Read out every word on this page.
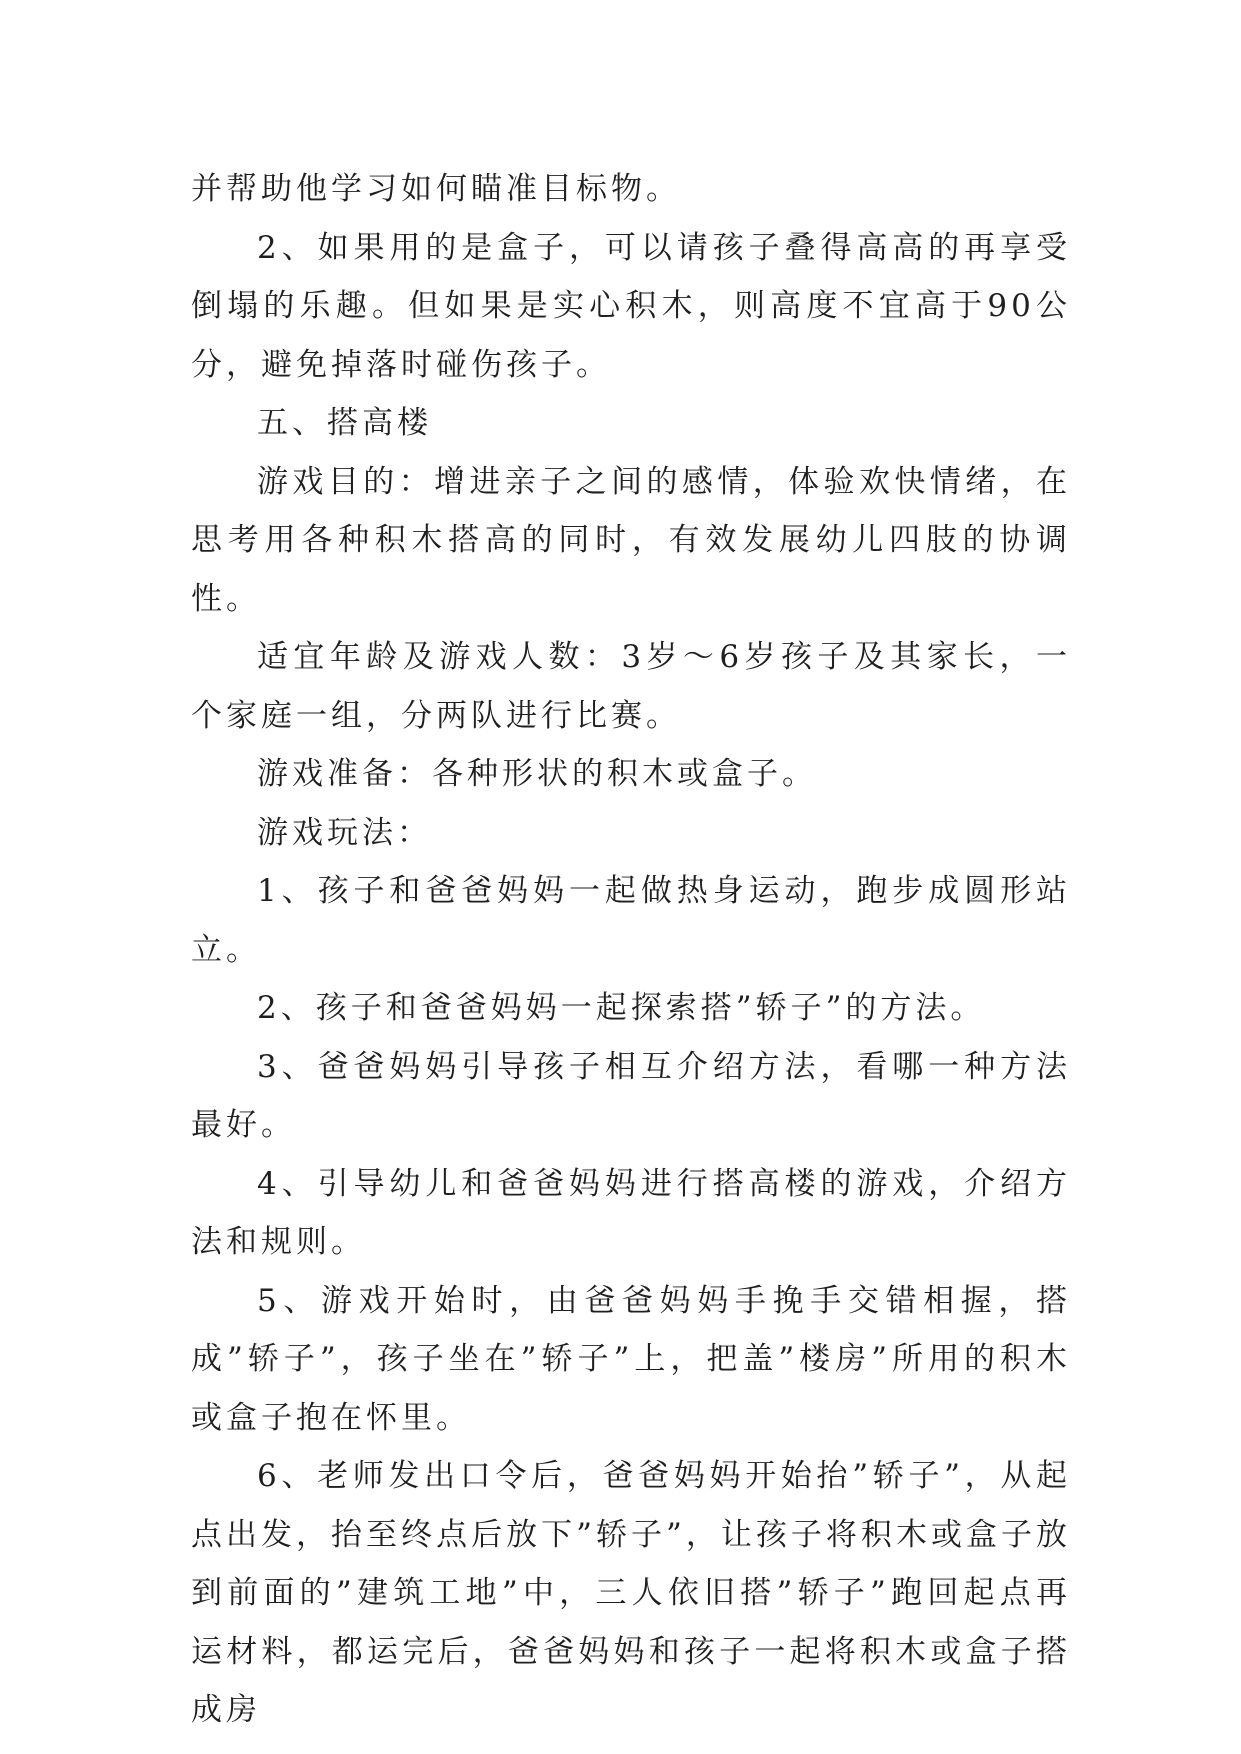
并帮助他学习如何瞄准目标物。

2、如果用的是盒子，可以请孩子叠得高高的再享受倒塌的乐趣。但如果是实心积木，则高度不宜高于90公分，避免掉落时碰伤孩子。

五、搭高楼

游戏目的：增进亲子之间的感情，体验欢快情绪，在思考用各种积木搭高的同时，有效发展幼儿四肢的协调性。

适宜年龄及游戏人数：3岁～6岁孩子及其家长，一个家庭一组，分两队进行比赛。

游戏准备：各种形状的积木或盒子。

游戏玩法：

1、孩子和爸爸妈妈一起做热身运动，跑步成圆形站立。

2、孩子和爸爸妈妈一起探索搭”轿子”的方法。

3、爸爸妈妈引导孩子相互介绍方法，看哪一种方法最好。

4、引导幼儿和爸爸妈妈进行搭高楼的游戏，介绍方法和规则。

5、游戏开始时，由爸爸妈妈手挽手交错相握，搭成”轿子”，孩子坐在”轿子”上，把盖”楼房”所用的积木或盒子抱在怀里。

6、老师发出口令后，爸爸妈妈开始抬”轿子”，从起点出发，抬至终点后放下”轿子”，让孩子将积木或盒子放到前面的”建筑工地”中，三人依旧搭”轿子”跑回起点再运材料，都运完后，爸爸妈妈和孩子一起将积木或盒子搭成房
